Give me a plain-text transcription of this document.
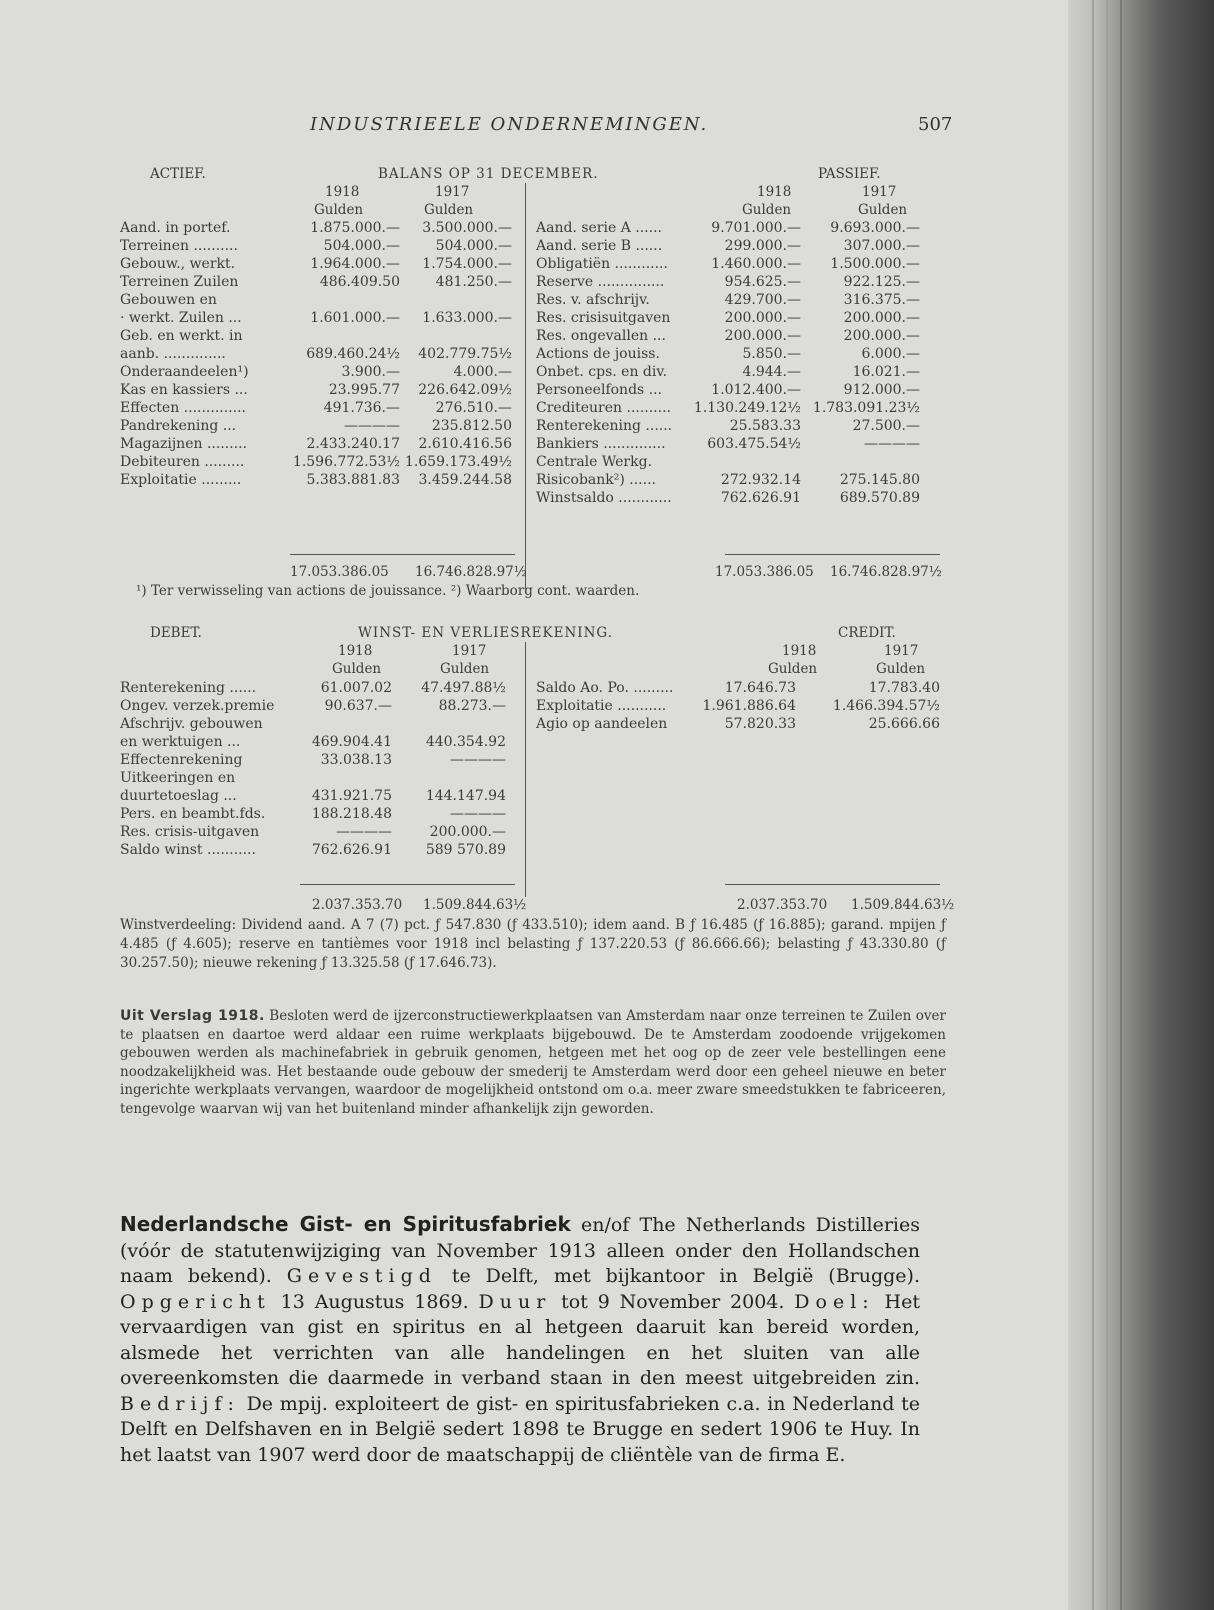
INDUSTRIEELE ONDERNEMINGEN.	507
ACTIEF.	BALANS OP 31 DECEMBER.	PASSIEF.
1918	1917	1918	1917
Gulden	Gulden	Gulden	Gulden
Aand. in portef.	1.875.000.— 3.500.000.—
Terreinen ..........	504.000.—	504.000.—
Gebouw., werkt.	1.964.000.— 1.754.000.—
Terreinen Zuilen	486.409.50	481.250.—
Gebouwen en
· werkt. Zuilen ...	1.601.000.— 1.633.000.—
Geb. en werkt. in
aanb. ..............	689.460.24½ 402.779.75½
Onderaandeelen¹)	3.900.—	4.000.—
Kas en kassiers ...	23.995.77 226.642.09½
Effecten ..............	491.736.—	276.510.—
Pandrekening ...	———— 235.812.50
Magazijnen .........	2.433.240.17 2.610.416.56
Debiteuren .........	1.596.772.53½ 1.659.173.49½
Exploitatie .........	5.383.881.83 3.459.244.58
Aand. serie A ......	9.701.000.— 9.693.000.—
Aand. serie B ......	299.000.—	307.000.—
Obligatiën ............	1.460.000.— 1.500.000.—
Reserve ...............	954.625.—	922.125.—
Res. v. afschrijv.	429.700.—	316.375.—
Res. crisisuitgaven	200.000.—	200.000.—
Res. ongevallen ...	200.000.—	200.000.—
Actions de jouiss.	5.850.—	6.000.—
Onbet. cps. en div.	4.944.—	16.021.—
Personeelfonds ...	1.012.400.—	912.000.—
Crediteuren .......... 1.130.249.12½ 1.783.091.23½
Renterekening ......	25.583.33	27.500.—
Bankiers ..............	603.475.54½	————
Centrale Werkg.
Risicobank²) ......	272.932.14	275.145.80
Winstsaldo ............	762.626.91	689.570.89
17.053.386.05 16.746.828.97½	17.053.386.05 16.746.828.97½
¹) Ter verwisseling van actions de jouissance. ²) Waarborg cont. waarden.
DEBET.	WINST- EN VERLIESREKENING.	CREDIT.
1918	1917	1918	1917
Gulden	Gulden	Gulden	Gulden
Renterekening ......	61.007.02 47.497.88½
Ongev. verzek.premie	90.637.—	88.273.—
Afschrijv. gebouwen
en werktuigen ...	469.904.41 440.354.92
Effectenrekening	33.038.13	————
Uitkeeringen en
duurtetoeslag ...	431.921.75 144.147.94
Pers. en beambt.fds.	188.218.48	————
Res. crisis-uitgaven	————	200.000.—
Saldo winst ...........	762.626.91 589 570.89
Saldo Ao. Po. .........	17.646.73	17.783.40
Exploitatie ...........	1.961.886.64	1.466.394.57½
Agio op aandeelen	57.820.33	25.666.66
2.037.353.70 1.509.844.63½	2.037.353.70 1.509.844.63½
Winstverdeeling: Dividend aand. A 7 (7) pct. ƒ 547.830 (ƒ 433.510); idem aand. B ƒ 16.485 (ƒ 16.885); garand. mpijen ƒ 4.485 (ƒ 4.605); reserve en tantièmes voor 1918 incl belasting ƒ 137.220.53 (ƒ 86.666.66); belasting ƒ 43.330.80 (ƒ 30.257.50); nieuwe rekening ƒ 13.325.58 (ƒ 17.646.73).
Uit Verslag 1918. Besloten werd de ijzerconstructiewerkplaatsen van Amsterdam naar onze terreinen te Zuilen over te plaatsen en daartoe werd aldaar een ruime werkplaats bijgebouwd. De te Amsterdam zoodoende vrijgekomen gebouwen werden als machinefabriek in gebruik genomen, hetgeen met het oog op de zeer vele bestellingen eene noodzakelijkheid was. Het bestaande oude gebouw der smederij te Amsterdam werd door een geheel nieuwe en beter ingerichte werkplaats vervangen, waardoor de mogelijkheid ontstond om o.a. meer zware smeedstukken te fabriceeren, tengevolge waarvan wij van het buitenland minder afhankelijk zijn geworden.
Nederlandsche Gist- en Spiritusfabriek en/of The Netherlands Distilleries (vóór de statutenwijziging van November 1913 alleen onder den Hollandschen naam bekend). Gevestigd te Delft, met bijkantoor in België (Brugge). Opgericht 13 Augustus 1869. Duur tot 9 November 2004. Doel: Het vervaardigen van gist en spiritus en al hetgeen daaruit kan bereid worden, alsmede het verrichten van alle handelingen en het sluiten van alle overeenkomsten die daarmede in verband staan in den meest uitgebreiden zin. Bedrijf: De mpij. exploiteert de gist- en spiritusfabrieken c.a. in Nederland te Delft en Delfshaven en in België sedert 1898 te Brugge en sedert 1906 te Huy. In het laatst van 1907 werd door de maatschappij de cliëntèle van de firma E.
